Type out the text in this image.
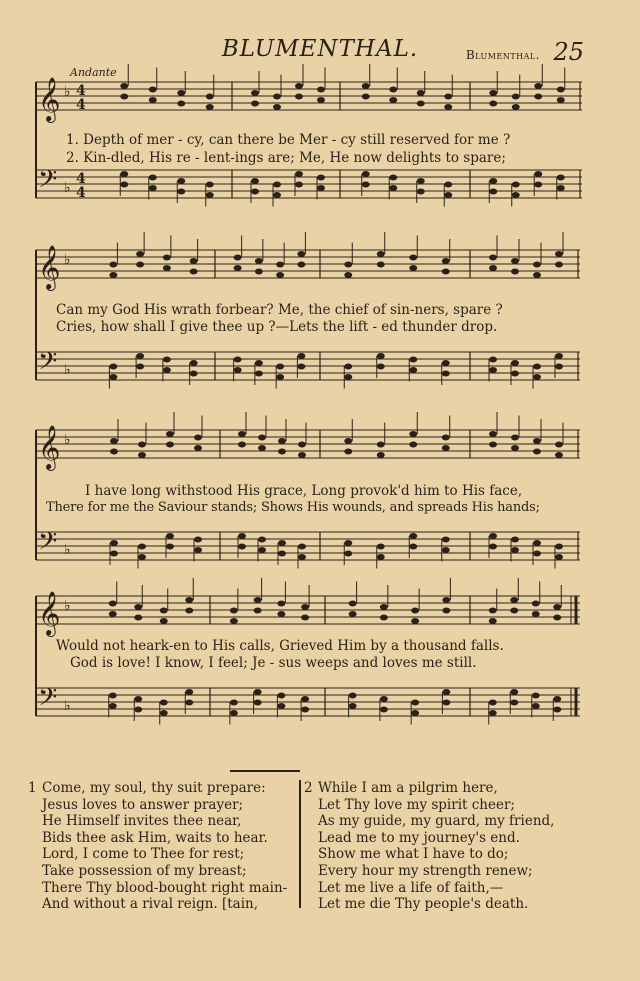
BLUMENTHAL.	Blumenthal. 25
Andante
𝄞 ♭ 4
4
𝄢 ♭
4
4
𝄞 ♭
𝄢 ♭
𝄞 ♭
𝄢 ♭
𝄞 ♭
𝄢 ♭
1. Depth of mer - cy, can there be Mer - cy still reserved for me ?
2. Kin-dled, His re - lent-ings are; Me, He now delights to spare;
Can my God His wrath forbear? Me, the chief of sin-ners, spare ?
Cries, how shall I give thee up ?—Lets the lift - ed thunder drop.
I have long withstood His grace, Long provok'd him to His face,
There for me the Saviour stands; Shows His wounds, and spreads His hands;
Would not heark-en to His calls, Grieved Him by a thousand falls.
God is love! I know, I feel; Je - sus weeps and loves me still.
1 Come, my soul, thy suit prepare:
Jesus loves to answer prayer;
He Himself invites thee near,
Bids thee ask Him, waits to hear.
Lord, I come to Thee for rest;
Take possession of my breast;
There Thy blood-bought right main-
And without a rival reign. [tain,
2 While I am a pilgrim here,
Let Thy love my spirit cheer;
As my guide, my guard, my friend,
Lead me to my journey's end.
Show me what I have to do;
Every hour my strength renew;
Let me live a life of faith,—
Let me die Thy people's death.
